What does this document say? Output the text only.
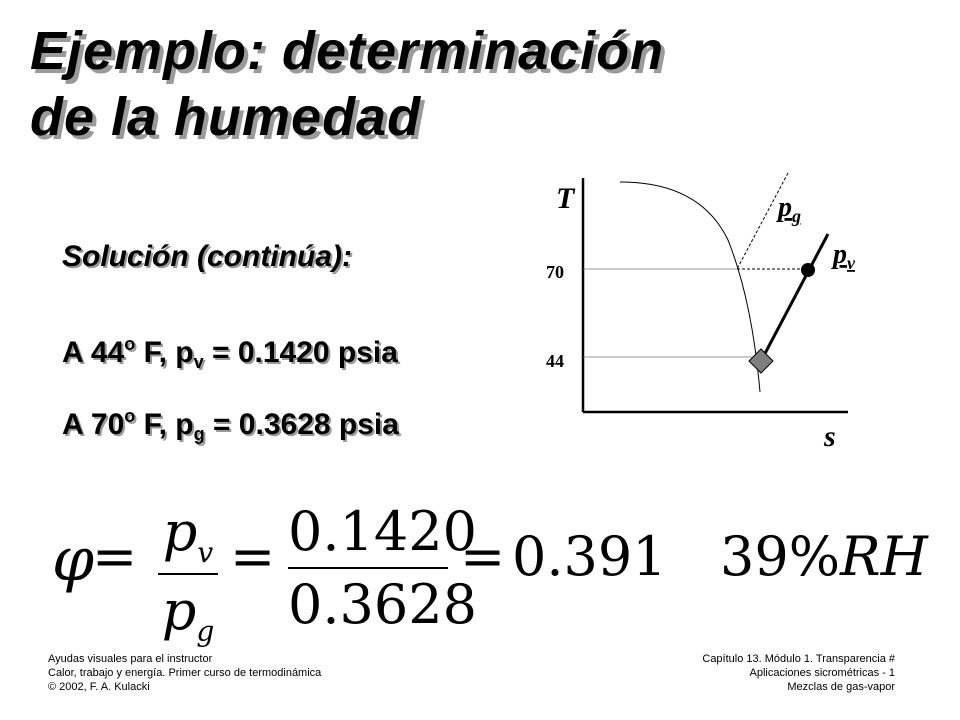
Ejemplo: determinación
de la humedad
Solución (continúa):
A 44$^o$ F, $p_v = 0.1420$ psia
A 70$^o$ F, $p_g = 0.3628$ psia
T
s
70
44
$p_g$
$p_v$
φ
= $p_v$
$p_g$
= 0.1420
0.3628
= 0.391 39%RH
Ayudas visuales para el instructor
Calor, trabajo y energía. Primer curso de termodinámica
© 2002, F. A. Kulacki
Capítulo 13. Módulo 1. Transparencia #
Aplicaciones sicrométricas - 1
Mezclas de gas-vapor
